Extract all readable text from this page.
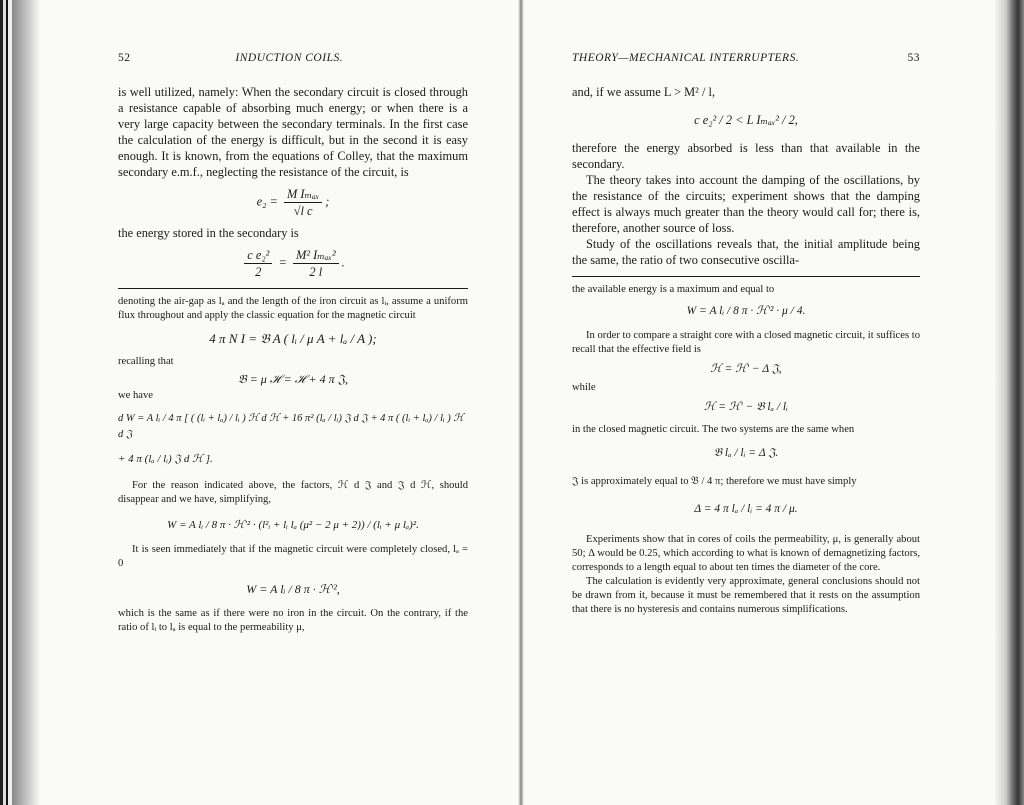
52	INDUCTION COILS.

is well utilized, namely: When the secondary circuit is closed through a resistance capable of absorbing much energy; or when there is a very large capacity between the secondary terminals. In the first case the calculation of the energy is difficult, but in the second it is easy enough. It is known, from the equations of Colley, that the maximum secondary e.m.f., neglecting the resistance of the circuit, is

$e_2 = \frac{\text{M Iₘₐₓ}}{\text{√l c}}$ ;

the energy stored in the secondary is

$\frac{\text{c e₂²}}{2} = \frac{\text{M² Iₘₐₓ²}}{2 l}$ .

denoting the air-gap as lₐ and the length of the iron circuit as lᵢ, assume a uniform flux throughout and apply the classic equation for the magnetic circuit

4 π N I = 𝔅 A ( lᵢ / μ A + lₐ / A );

recalling that

𝔅 = μ ℋ = ℋ + 4 π 𝔍,

we have

d W = A lᵢ / 4 π [ ( (lᵢ + lₐ) / lᵢ ) ℋ d ℋ + 16 π² (lₐ / lᵢ) 𝔍 d 𝔍 + 4 π ( (lᵢ + lₐ) / lᵢ ) ℋ d 𝔍
+ 4 π (lₐ / lᵢ) 𝔍 d ℋ ].

For the reason indicated above, the factors, ℋ d 𝔍 and 𝔍 d ℋ, should disappear and we have, simplifying,

W = A lᵢ / 8 π · ℋ'² · (l²ᵢ + lᵢ lₐ (μ² − 2 μ + 2)) / (lᵢ + μ lₐ)².

It is seen immediately that if the magnetic circuit were completely closed, lₐ = 0

W = A lᵢ / 8 π · ℋ'²,

which is the same as if there were no iron in the circuit. On the contrary, if the ratio of lᵢ to lₐ is equal to the permeability μ,

THEORY—MECHANICAL INTERRUPTERS.	53

and, if we assume L > M² / l,

c e₂² / 2 < L Iₘₐₓ² / 2,

therefore the energy absorbed is less than that available in the secondary.

The theory takes into account the damping of the oscillations, by the resistance of the circuits; experiment shows that the damping effect is always much greater than the theory would call for; there is, therefore, another source of loss.

Study of the oscillations reveals that, the initial amplitude being the same, the ratio of two consecutive oscilla-

the available energy is a maximum and equal to

W = A lᵢ / 8 π · ℋ'² · μ / 4.

In order to compare a straight core with a closed magnetic circuit, it suffices to recall that the effective field is

ℋ = ℋ' − Δ 𝔍,

while

ℋ = ℋ' − 𝔅 lₐ / lᵢ

in the closed magnetic circuit. The two systems are the same when

𝔅 lₐ / lᵢ = Δ 𝔍.

𝔍 is approximately equal to 𝔅 / 4 π; therefore we must have simply

Δ = 4 π lₐ / lᵢ = 4 π / μ.

Experiments show that in cores of coils the permeability, μ, is generally about 50; Δ would be 0.25, which according to what is known of demagnetizing factors, corresponds to a length equal to about ten times the diameter of the core.

The calculation is evidently very approximate, general conclusions should not be drawn from it, because it must be remembered that it rests on the assumption that there is no hysteresis and contains numerous simplifications.
